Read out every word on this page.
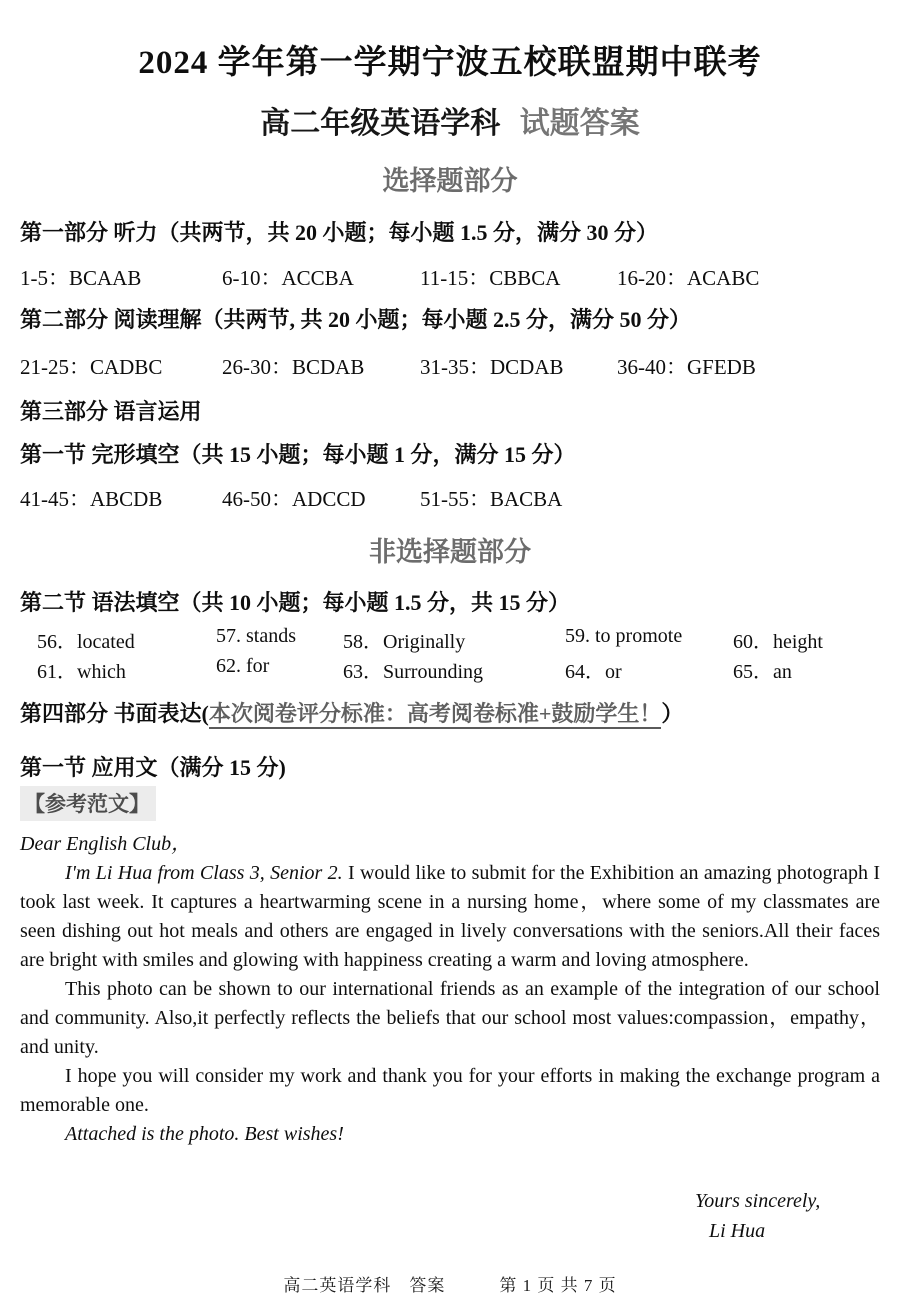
2024 学年第一学期宁波五校联盟期中联考
高二年级英语学科 试题答案
选择题部分
第一部分 听力（共两节，共 20 小题；每小题 1.5 分，满分 30 分）
1-5：BCAAB	6-10：ACCBA	11-15：CBBCA	16-20：ACABC
第二部分 阅读理解（共两节, 共 20 小题；每小题 2.5 分，满分 50 分）
21-25：CADBC	26-30：BCDAB	31-35：DCDAB	36-40：GFEDB
第三部分 语言运用
第一节 完形填空（共 15 小题；每小题 1 分，满分 15 分）
41-45：ABCDB	46-50：ADCCD	51-55：BACBA
非选择题部分
第二节 语法填空（共 10 小题；每小题 1.5 分，共 15 分）
56．located	57. stands 58．Originally	59. to promote	60．height
61．which	62. for	63．Surrounding	64．or	65．an
第四部分 书面表达(本次阅卷评分标准：高考阅卷标准+鼓励学生！）
第一节 应用文（满分 15 分)
【参考范文】

Dear English Club，

I'm Li Hua from Class 3, Senior 2. I would like to submit for the Exhibition an amazing photograph I took last week. It captures a heartwarming scene in a nursing home，where some of my classmates are seen dishing out hot meals and others are engaged in lively conversations with the seniors.All their faces are bright with smiles and glowing with happiness creating a warm and loving atmosphere.

This photo can be shown to our international friends as an example of the integration of our school and community. Also,it perfectly reflects the beliefs that our school most values:compassion，empathy，and unity.

I hope you will consider my work and thank you for your efforts in making the exchange program a memorable one.

Attached is the photo. Best wishes!

Yours sincerely,
Li Hua
高二英语学科　答案　　　第 1 页 共 7 页
